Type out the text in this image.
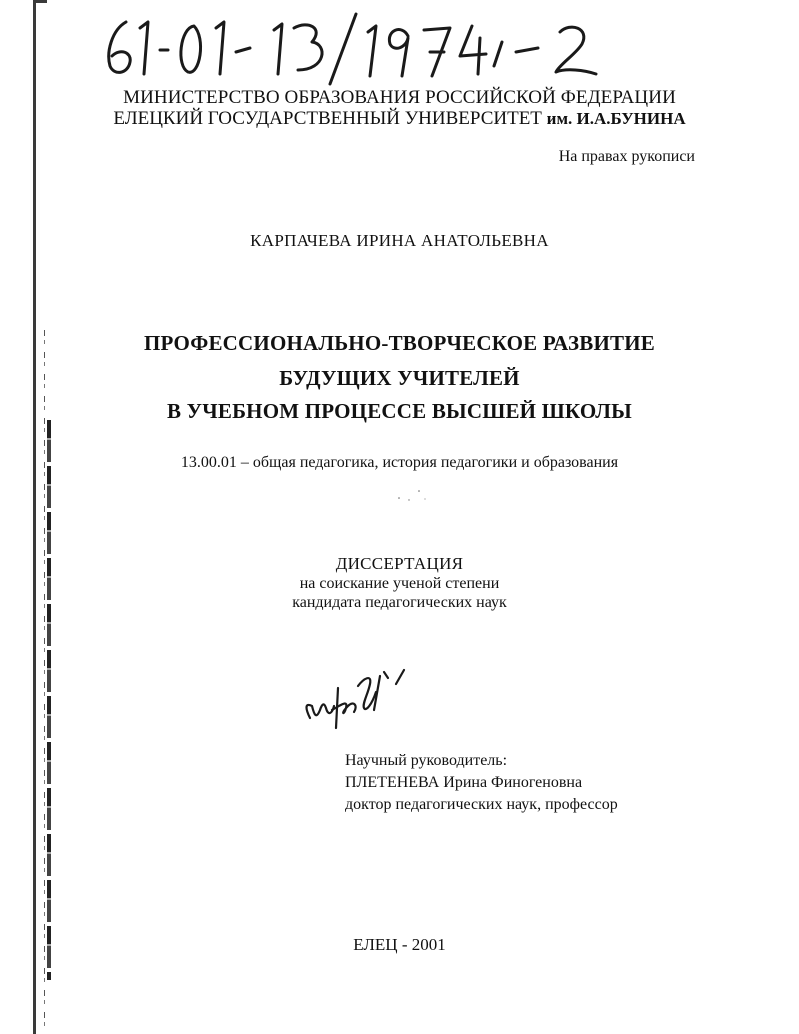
МИНИСТЕРСТВО ОБРАЗОВАНИЯ РОССИЙСКОЙ ФЕДЕРАЦИИ
ЕЛЕЦКИЙ ГОСУДАРСТВЕННЫЙ УНИВЕРСИТЕТ им. И.А.БУНИНА
На правах рукописи
КАРПАЧЕВА ИРИНА АНАТОЛЬЕВНА
ПРОФЕССИОНАЛЬНО-ТВОРЧЕСКОЕ РАЗВИТИЕ
БУДУЩИХ УЧИТЕЛЕЙ
В УЧЕБНОМ ПРОЦЕССЕ ВЫСШЕЙ ШКОЛЫ
13.00.01 – общая педагогика, история педагогики и образования
ДИССЕРТАЦИЯ
на соискание ученой степени
кандидата педагогических наук
Научный руководитель:
ПЛЕТЕНЕВА Ирина Финогеновна
доктор педагогических наук, профессор
ЕЛЕЦ - 2001
